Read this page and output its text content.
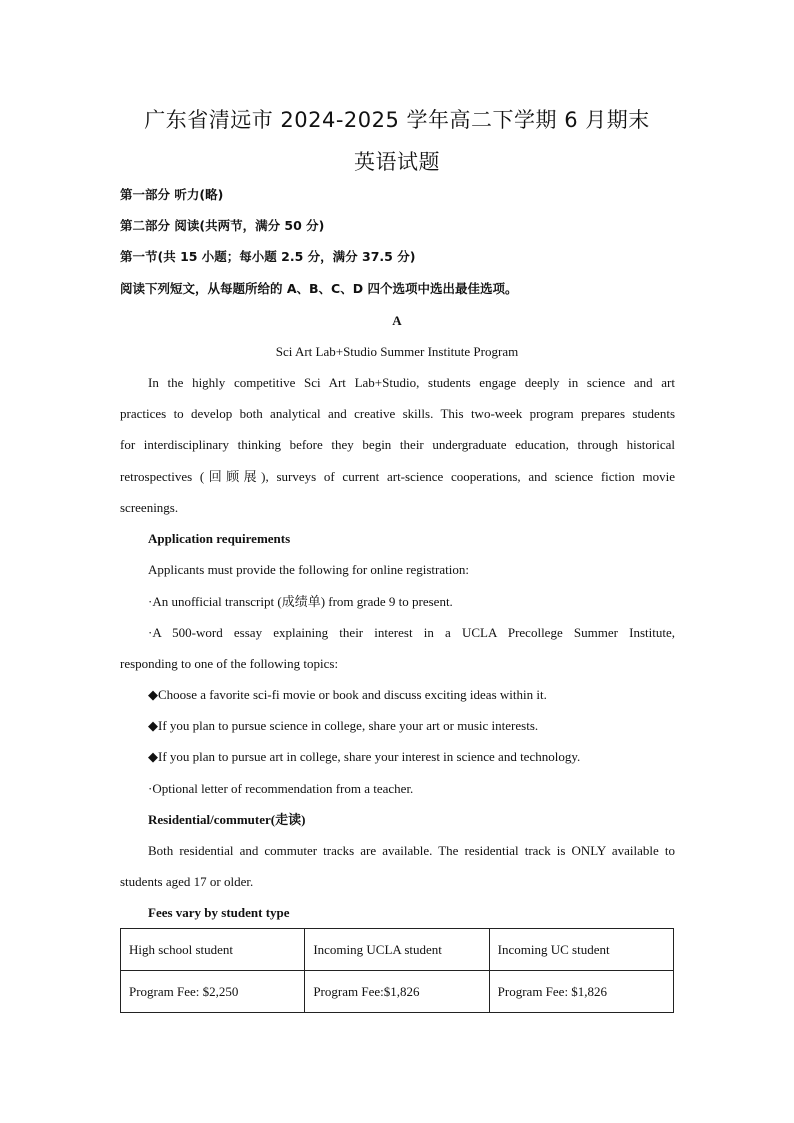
广东省清远市 2024-2025 学年高二下学期 6 月期末
英语试题
第一部分 听力(略)
第二部分 阅读(共两节，满分 50 分)
第一节(共 15 小题；每小题 2.5 分，满分 37.5 分)
阅读下列短文，从每题所给的 A、B、C、D 四个选项中选出最佳选项。
A
Sci Art Lab+Studio Summer Institute Program
In the highly competitive Sci Art Lab+Studio, students engage deeply in science and art
practices to develop both analytical and creative skills. This two-week program prepares students
for interdisciplinary thinking before they begin their undergraduate education, through historical
retrospectives (回顾展), surveys of current art-science cooperations, and science fiction movie
screenings.
Application requirements
Applicants must provide the following for online registration:
·An unofficial transcript (成绩单) from grade 9 to present.
·A 500-word essay explaining their interest in a UCLA Precollege Summer Institute,
responding to one of the following topics:
◆Choose a favorite sci-fi movie or book and discuss exciting ideas within it.
◆If you plan to pursue science in college, share your art or music interests.
◆If you plan to pursue art in college, share your interest in science and technology.
·Optional letter of recommendation from a teacher.
Residential/commuter(走读)
Both residential and commuter tracks are available. The residential track is ONLY available to
students aged 17 or older.
Fees vary by student type
High school student	Incoming UCLA student	Incoming UC student
Program Fee: $2,250	Program Fee:$1,826	Program Fee: $1,826
